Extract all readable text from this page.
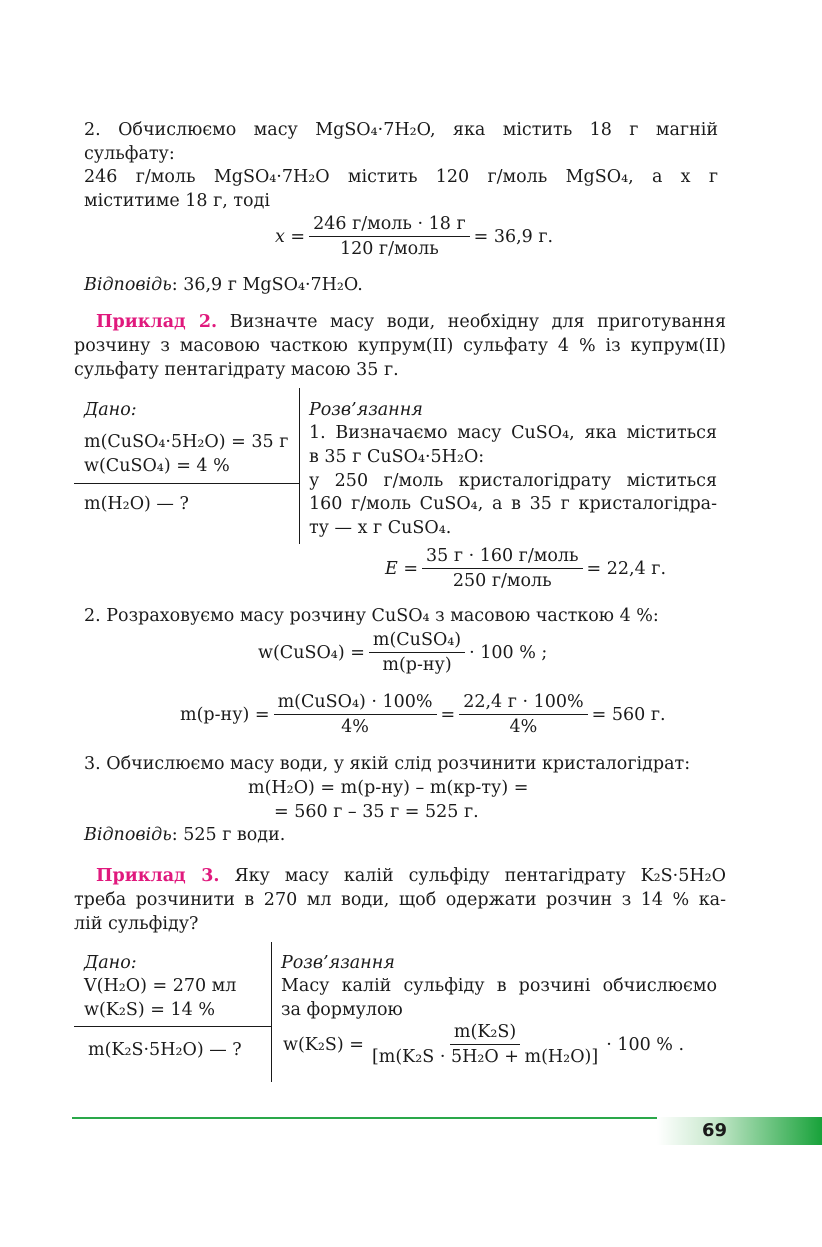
2. Обчислюємо масу MgSO₄·7H₂O, яка містить 18 г магній
сульфату:
246 г/моль MgSO₄·7H₂O містить 120 г/моль MgSO₄, а x г
міститиме 18 г, тоді
$x = \frac{\text{246 г/моль · 18 г}}{\text{120 г/моль}} = 36,9$ г.
Відповідь: 36,9 г MgSO₄·7H₂O.
Приклад 2. Визначте масу води, необхідну для приготування
розчину з масовою часткою купрум(II) сульфату 4 % із купрум(II)
сульфату пентагідрату масою 35 г.
Дано:
m(CuSO₄·5H₂O) = 35 г
w(CuSO₄) = 4 %
m(H₂O) — ?
Розв’язання
1. Визначаємо масу CuSO₄, яка міститься
в 35 г CuSO₄·5H₂O:
у 250 г/моль кристалогідрату міститься
160 г/моль CuSO₄, а в 35 г кристалогідра-
ту — x г CuSO₄.
$E = \frac{\text{35 г · 160 г/моль}}{\text{250 г/моль}} = 22,4$ г.
2. Розраховуємо масу розчину CuSO₄ з масовою часткою 4 %:
w(CuSO₄) = $\frac{\text{m(CuSO₄)}}{m(р-ну)} \cdot 100$ % ;
$m(р-ну) = \frac{\text{m(CuSO₄) · 100\%}}{4\%} = \frac{22,4 г \cdot 100\%}{4\%} = 560$ г.
3. Обчислюємо масу води, у якій слід розчинити кристалогідрат:
m(H₂O) = m(р-ну) – m(кр-ту) =
= 560 г – 35 г = 525 г.
Відповідь: 525 г води.
Приклад 3. Яку масу калій сульфіду пентагідрату K₂S·5H₂O
треба розчинити в 270 мл води, щоб одержати розчин з 14 % ка-
лій сульфіду?
Дано:
V(H₂O) = 270 мл
w(K₂S) = 14 %
m(K₂S·5H₂O) — ?
Розв’язання
Масу калій сульфіду в розчині обчислюємо
за формулою
$w(K_2S) = \frac{\text{m(K₂S)}}{\text{[m(K₂S · 5H₂O + m(H₂O)]}} \cdot 100$ % .
69
